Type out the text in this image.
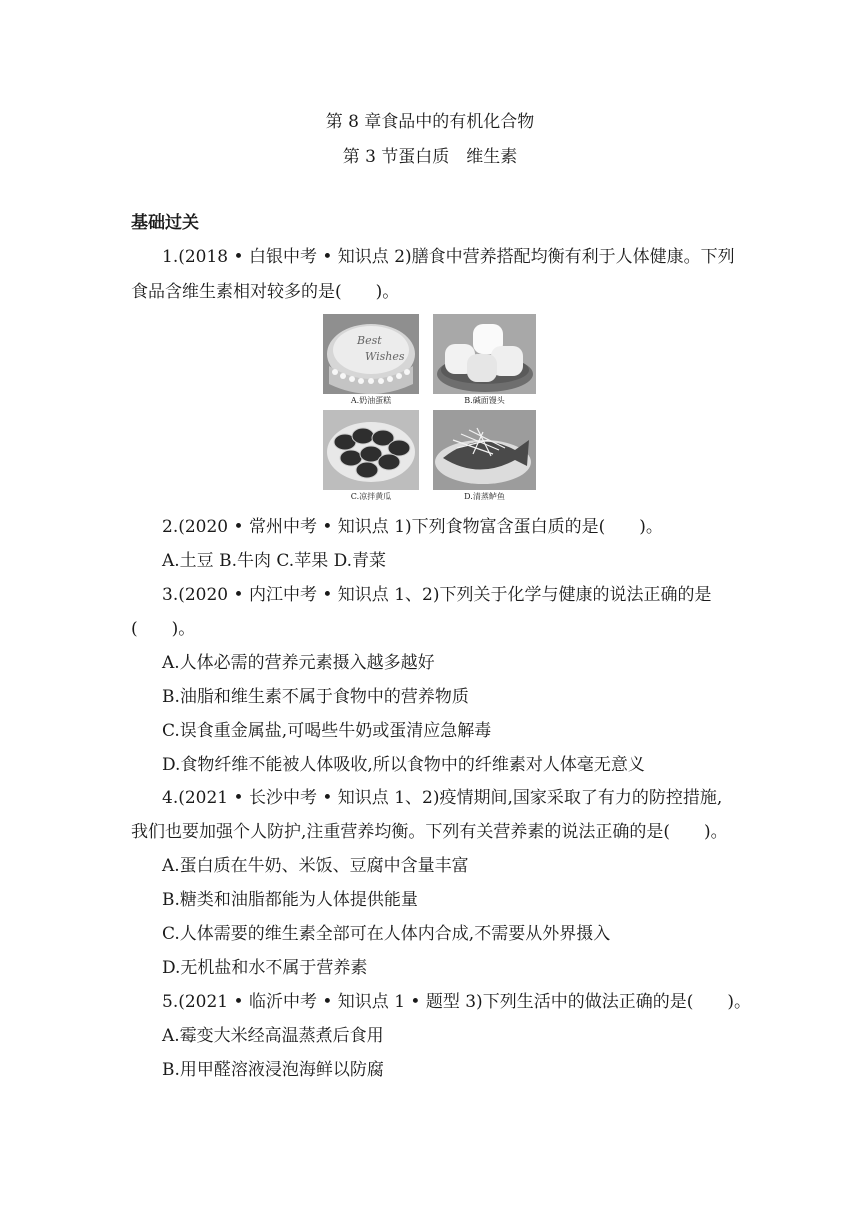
第 8 章食品中的有机化合物
第 3 节蛋白质　维生素
基础过关
1.(2018 • 白银中考 • 知识点 2)膳食中营养搭配均衡有利于人体健康。下列
食品含维生素相对较多的是(　　)。
Best
Wishes
A.奶油蛋糕	B.碱面馒头
C.凉拌黄瓜	D.清蒸鲈鱼
2.(2020 • 常州中考 • 知识点 1)下列食物富含蛋白质的是(　　)。
A.土豆 B.牛肉 C.苹果 D.青菜
3.(2020 • 内江中考 • 知识点 1、2)下列关于化学与健康的说法正确的是
(　　)。
A.人体必需的营养元素摄入越多越好
B.油脂和维生素不属于食物中的营养物质
C.误食重金属盐,可喝些牛奶或蛋清应急解毒
D.食物纤维不能被人体吸收,所以食物中的纤维素对人体毫无意义
4.(2021 • 长沙中考 • 知识点 1、2)疫情期间,国家采取了有力的防控措施,
我们也要加强个人防护,注重营养均衡。下列有关营养素的说法正确的是(　　)。
A.蛋白质在牛奶、米饭、豆腐中含量丰富
B.糖类和油脂都能为人体提供能量
C.人体需要的维生素全部可在人体内合成,不需要从外界摄入
D.无机盐和水不属于营养素
5.(2021 • 临沂中考 • 知识点 1 • 题型 3)下列生活中的做法正确的是(　　)。
A.霉变大米经高温蒸煮后食用
B.用甲醛溶液浸泡海鲜以防腐
